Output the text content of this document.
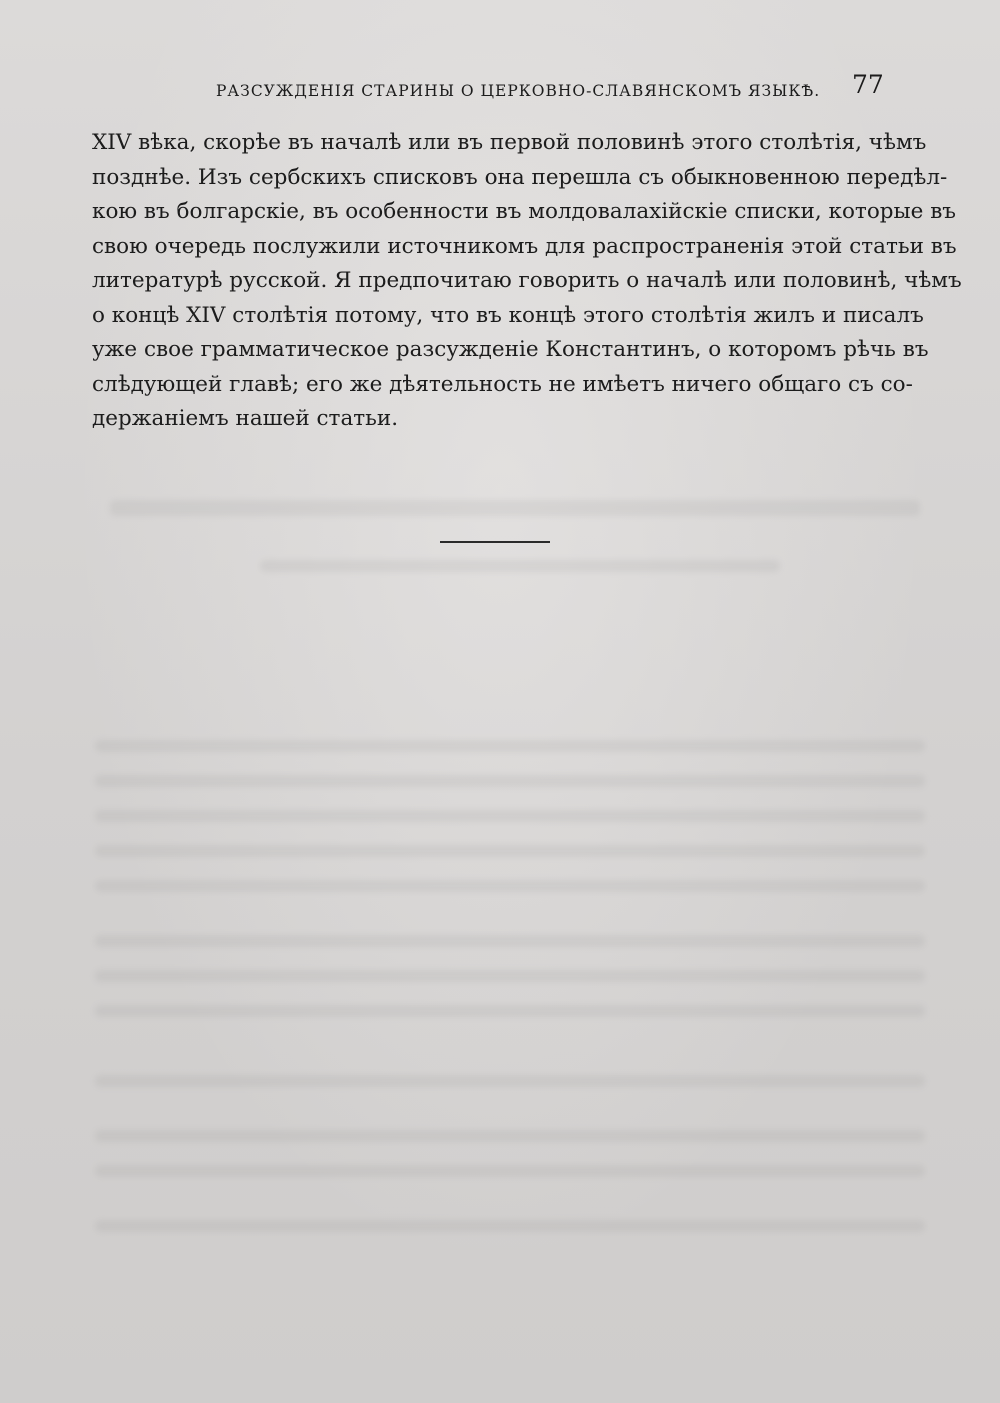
РАЗСУЖДЕНІЯ СТАРИНЫ О ЦЕРКОВНО-СЛАВЯНСКОМЪ ЯЗЫКѢ. 77
XIV вѣка, скорѣе въ началѣ или въ первой половинѣ этого столѣтія, чѣмъ
позднѣе. Изъ сербскихъ списковъ она перешла съ обыкновенною передѣл-
кою въ болгарскіе, въ особенности въ молдовалахійскіе списки, которые въ
свою очередь послужили источникомъ для распространенія этой статьи въ
литературѣ русской. Я предпочитаю говорить о началѣ или половинѣ, чѣмъ
о концѣ XIV столѣтія потому, что въ концѣ этого столѣтія жилъ и писалъ
уже свое грамматическое разсужденіе Константинъ, о которомъ рѣчь въ
слѣдующей главѣ; его же дѣятельность не имѣетъ ничего общаго съ со-
держаніемъ нашей статьи.
